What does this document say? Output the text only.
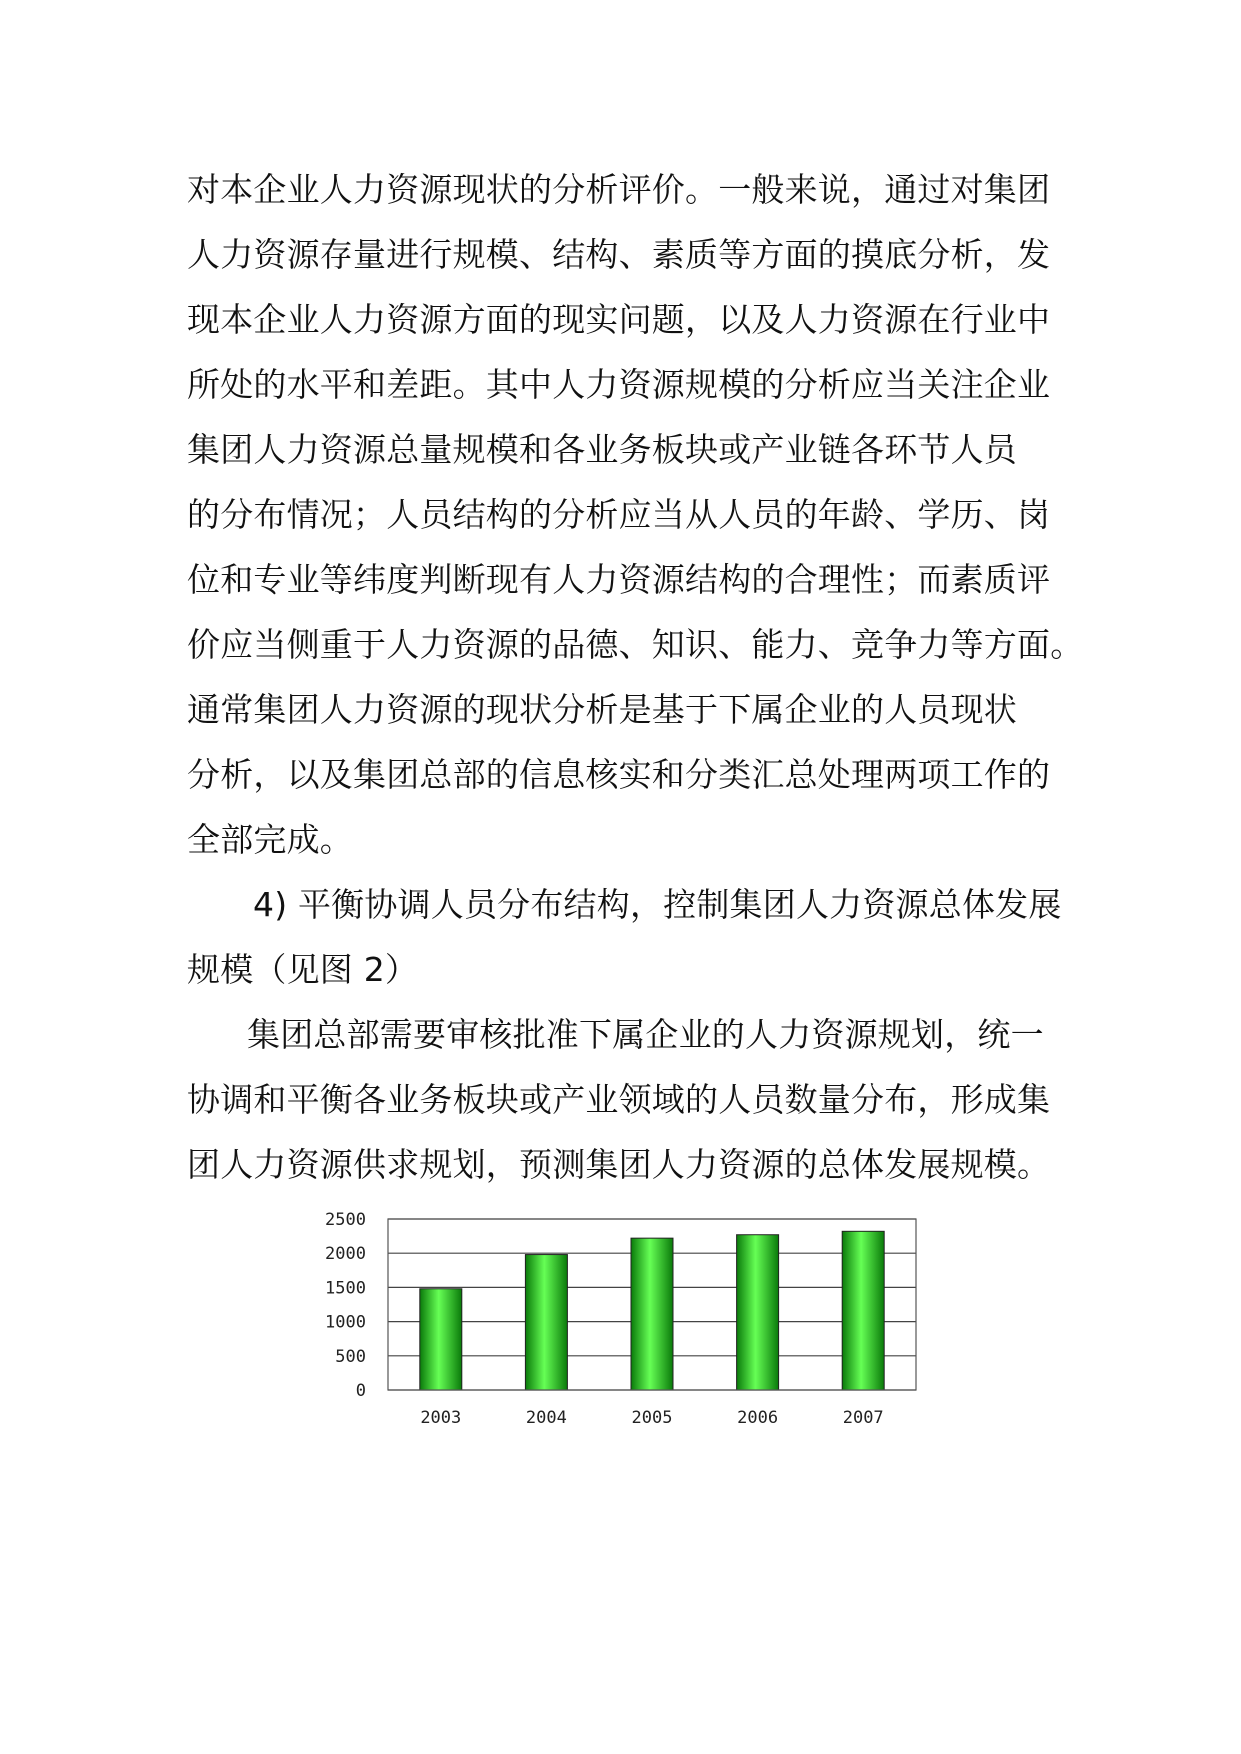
对本企业人力资源现状的分析评价。一般来说，通过对集团
人力资源存量进行规模、结构、素质等方面的摸底分析，发
现本企业人力资源方面的现实问题，以及人力资源在行业中
所处的水平和差距。其中人力资源规模的分析应当关注企业
集团人力资源总量规模和各业务板块或产业链各环节人员
的分布情况；人员结构的分析应当从人员的年龄、学历、岗
位和专业等纬度判断现有人力资源结构的合理性；而素质评
价应当侧重于人力资源的品德、知识、能力、竞争力等方面。
通常集团人力资源的现状分析是基于下属企业的人员现状
分析，以及集团总部的信息核实和分类汇总处理两项工作的
全部完成。
4) 平衡协调人员分布结构，控制集团人力资源总体发展
规模（见图 2）
集团总部需要审核批准下属企业的人力资源规划，统一
协调和平衡各业务板块或产业领域的人员数量分布，形成集
团人力资源供求规划，预测集团人力资源的总体发展规模。
0
500
1000
1500
2000
2500
2003	2004	2005	2006	2007
